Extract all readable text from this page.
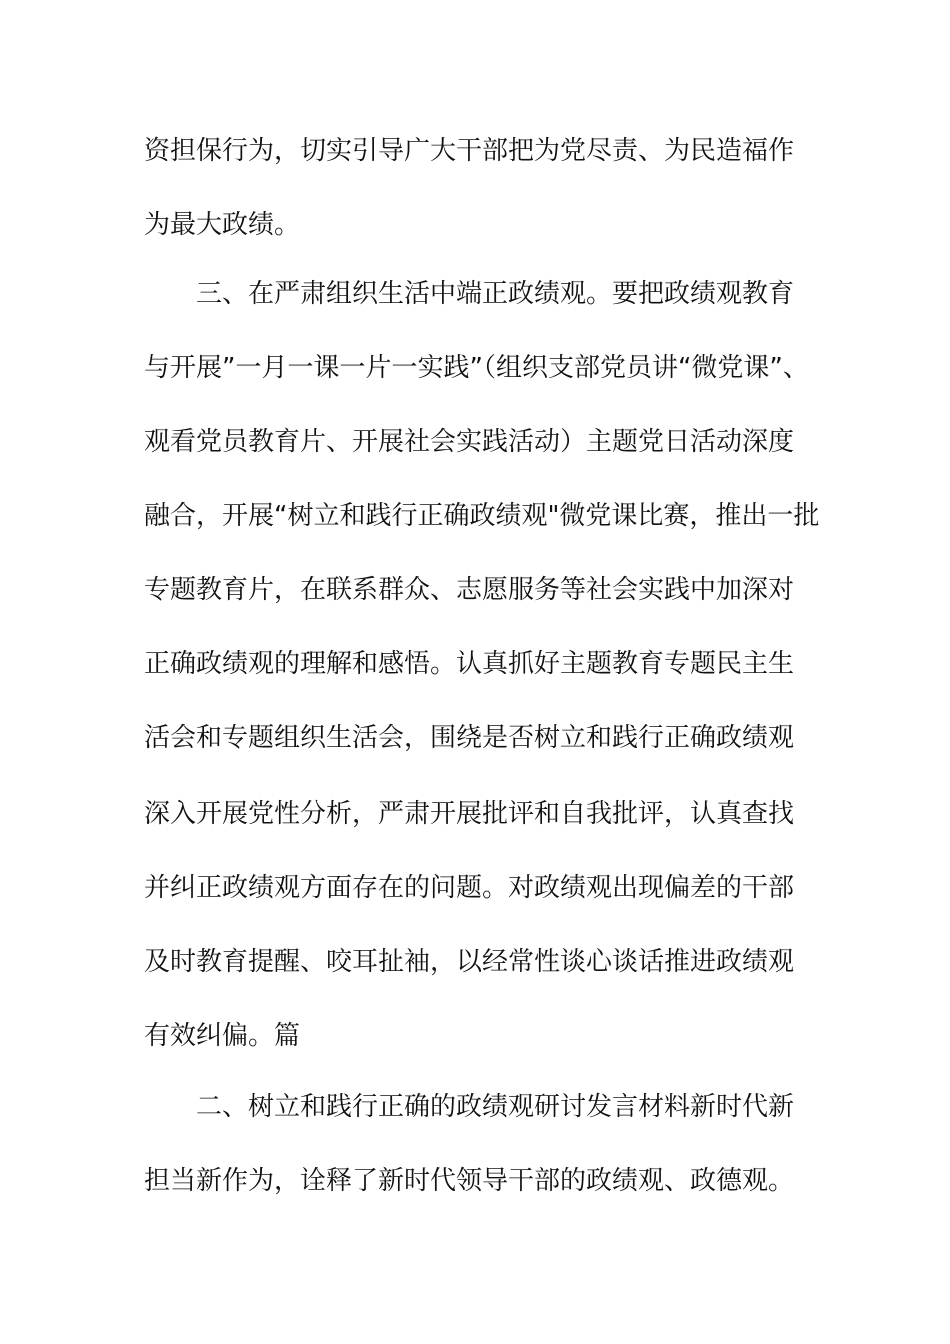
资担保行为，切实引导广大干部把为党尽责、为民造福作
为最大政绩。
三、在严肃组织生活中端正政绩观。要把政绩观教育
与开展”一月一课一片一实践”（组织支部党员讲“微党课”、
观看党员教育片、开展社会实践活动）主题党日活动深度
融合，开展“树立和践行正确政绩观"微党课比赛，推出一批
专题教育片，在联系群众、志愿服务等社会实践中加深对
正确政绩观的理解和感悟。认真抓好主题教育专题民主生
活会和专题组织生活会，围绕是否树立和践行正确政绩观
深入开展党性分析，严肃开展批评和自我批评，认真查找
并纠正政绩观方面存在的问题。对政绩观出现偏差的干部
及时教育提醒、咬耳扯袖，以经常性谈心谈话推进政绩观
有效纠偏。篇
二、树立和践行正确的政绩观研讨发言材料新时代新
担当新作为，诠释了新时代领导干部的政绩观、政德观。
